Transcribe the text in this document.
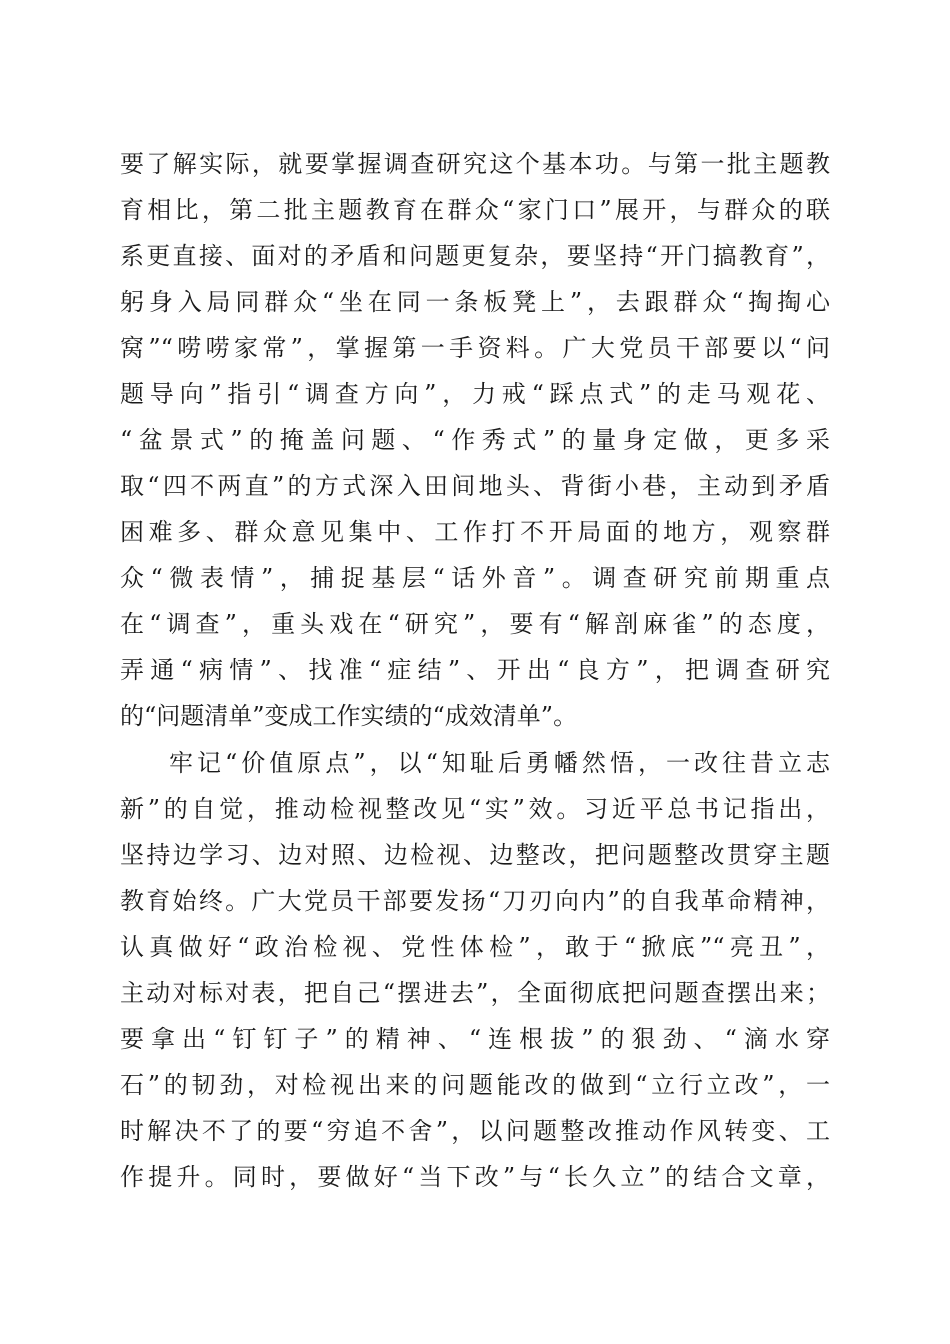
要了解实际，就要掌握调查研究这个基本功。与第一批主题教
育相比，第二批主题教育在群众“家门口”展开，与群众的联
系更直接、面对的矛盾和问题更复杂，要坚持“开门搞教育”，
躬身入局同群众“坐在同一条板凳上”，去跟群众“掏掏心
窝”“唠唠家常”，掌握第一手资料。广大党员干部要以“问
题导向”指引“调查方向”，力戒“踩点式”的走马观花、
“盆景式”的掩盖问题、“作秀式”的量身定做，更多采
取“四不两直”的方式深入田间地头、背街小巷，主动到矛盾
困难多、群众意见集中、工作打不开局面的地方，观察群
众“微表情”，捕捉基层“话外音”。调查研究前期重点
在“调查”，重头戏在“研究”，要有“解剖麻雀”的态度，
弄通“病情”、找准“症结”、开出“良方”，把调查研究
的“问题清单”变成工作实绩的“成效清单”。
牢记“价值原点”，以“知耻后勇幡然悟，一改往昔立志
新”的自觉，推动检视整改见“实”效。习近平总书记指出，
坚持边学习、边对照、边检视、边整改，把问题整改贯穿主题
教育始终。广大党员干部要发扬“刀刃向内”的自我革命精神，
认真做好“政治检视、党性体检”，敢于“掀底”“亮丑”，
主动对标对表，把自己“摆进去”，全面彻底把问题查摆出来；
要拿出“钉钉子”的精神、“连根拔”的狠劲、“滴水穿
石”的韧劲，对检视出来的问题能改的做到“立行立改”，一
时解决不了的要“穷追不舍”，以问题整改推动作风转变、工
作提升。同时，要做好“当下改”与“长久立”的结合文章，
